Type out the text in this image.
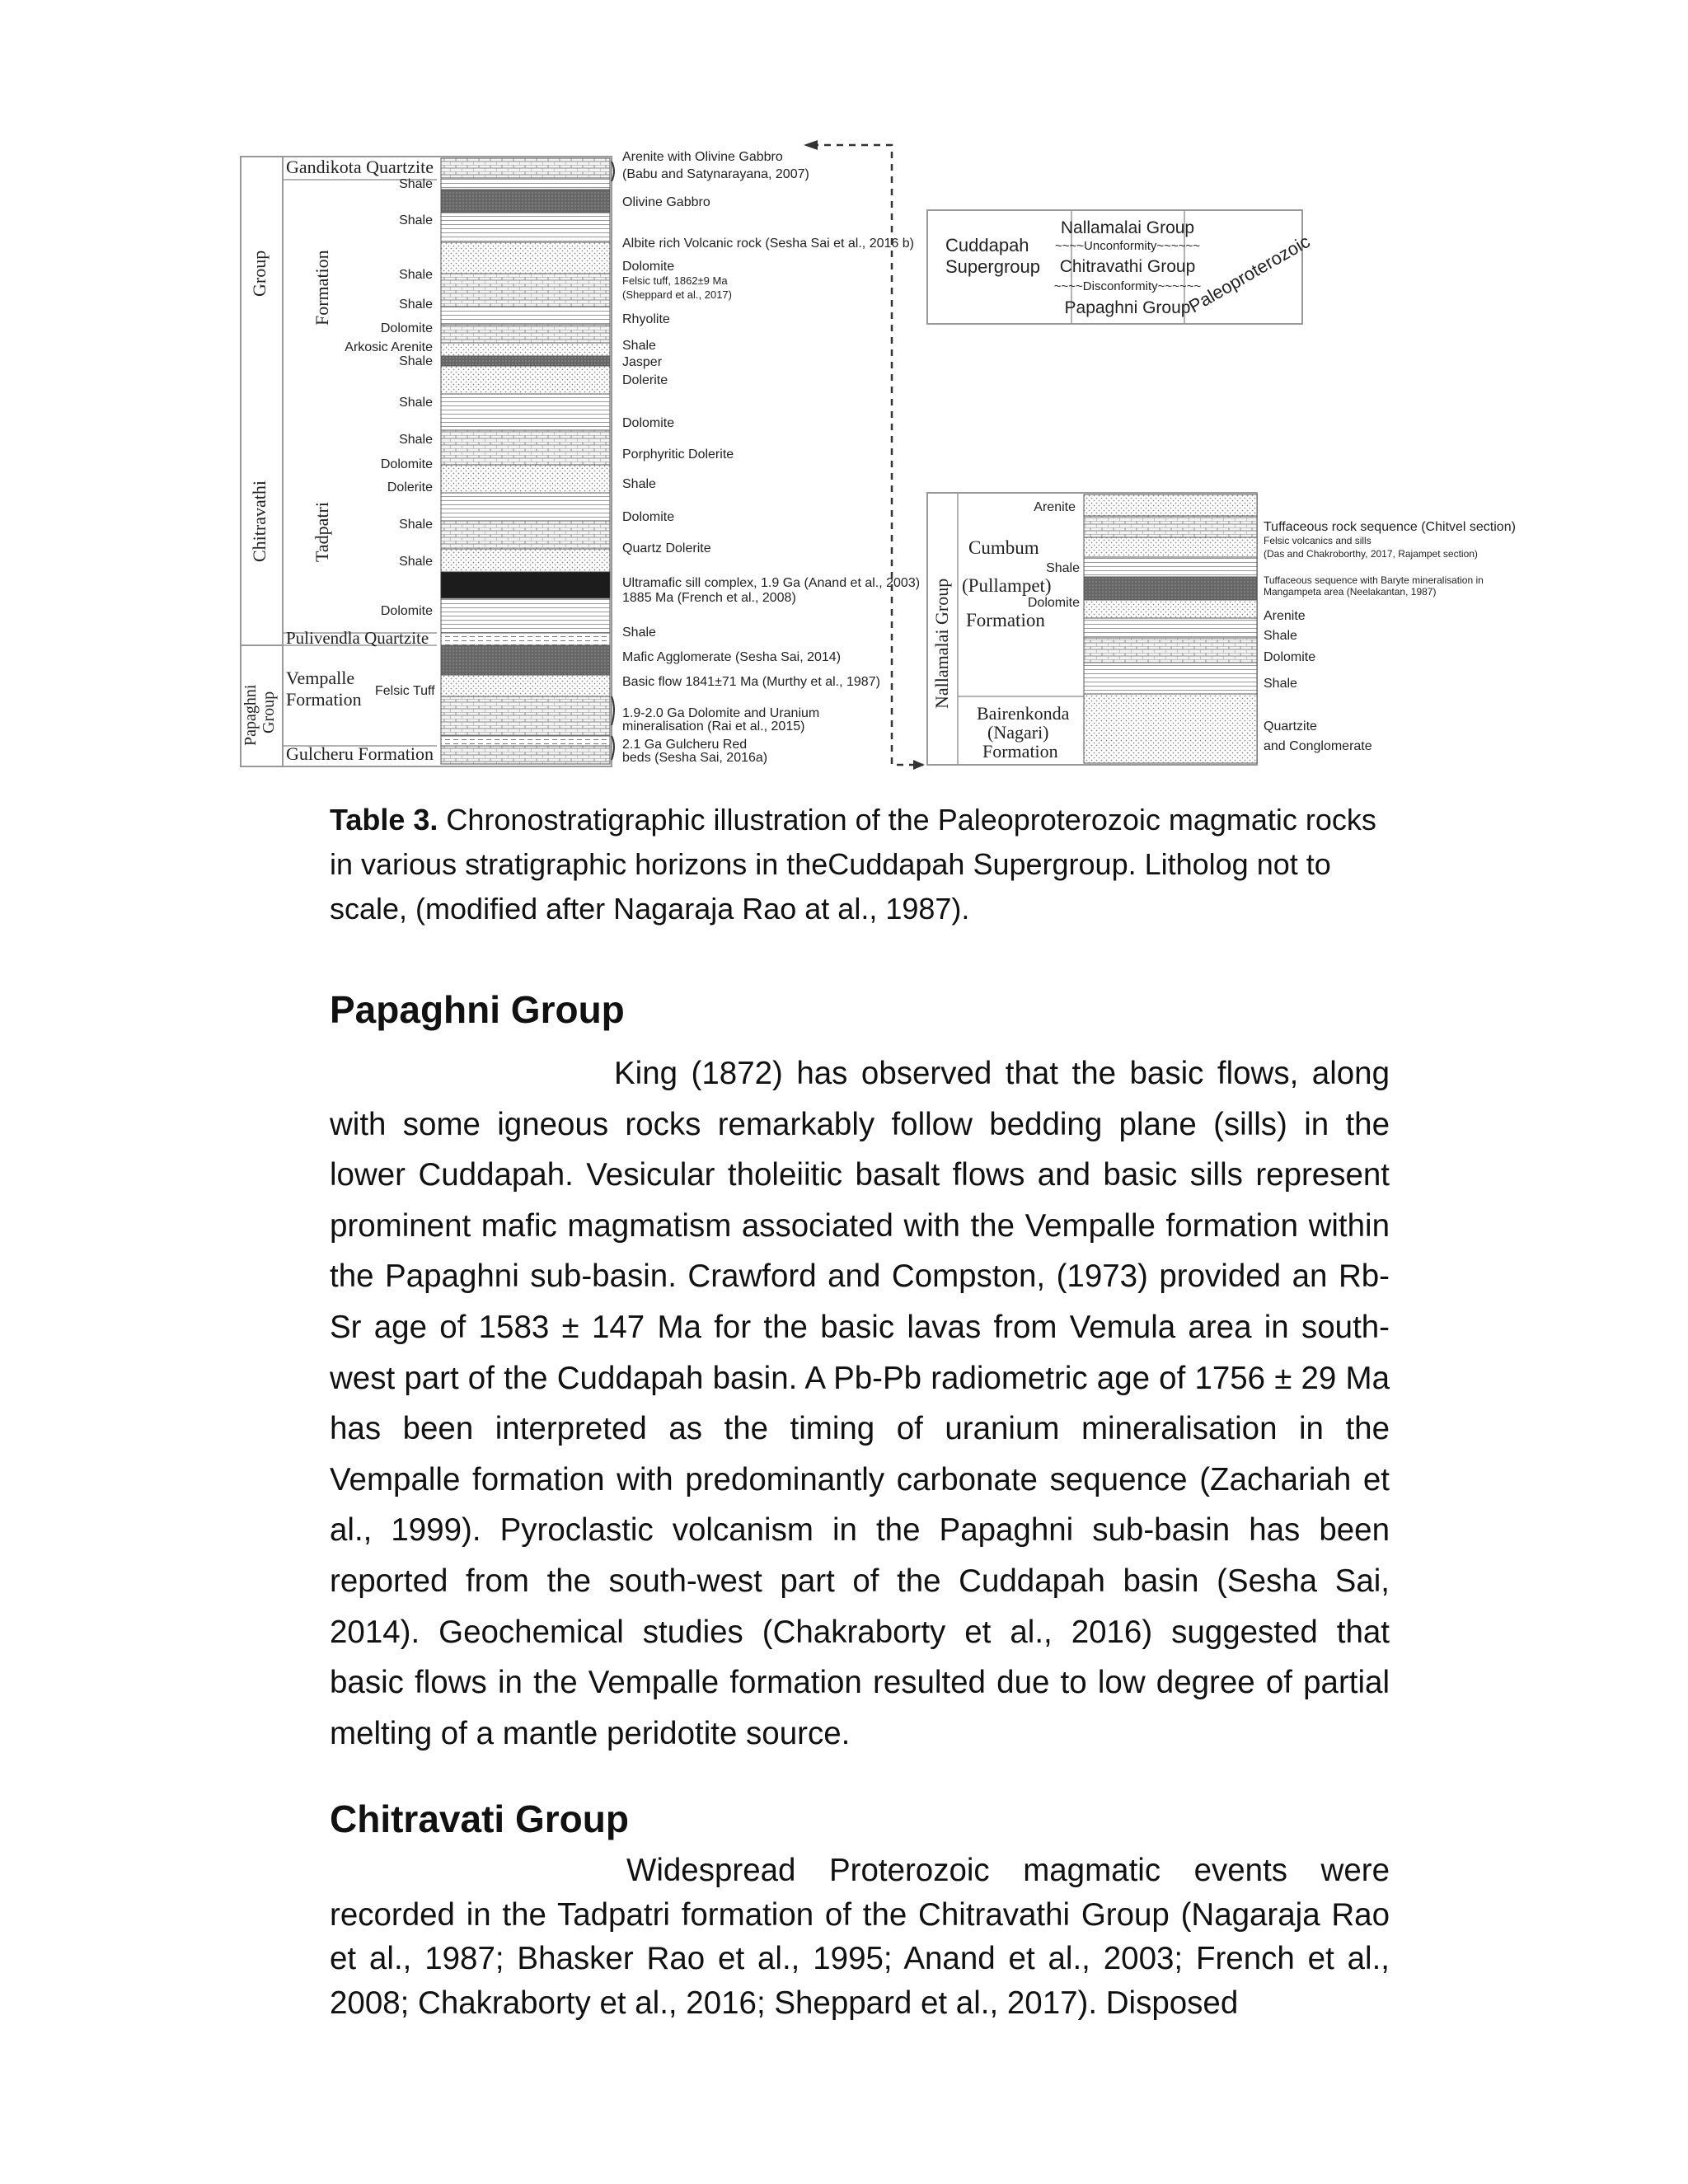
Gandikota Quartzite
Pulivendla Quartzite
Vempalle Formation
Gulcheru Formation
Felsic Tuff
Group
Chitravathi
Formation
Tadpatri
Papaghni Group
Shale
Shale
Shale
Shale
Dolomite
Arkosic Arenite
Shale
Shale
Shale
Dolomite
Dolerite
Shale
Shale
Dolomite
Arenite with Olivine Gabbro
(Babu and Satynarayana, 2007)
Olivine Gabbro
Albite rich Volcanic rock (Sesha Sai et al., 2016 b)
Dolomite
Felsic tuff, 1862±9 Ma
(Sheppard et al., 2017)
Rhyolite
Shale
Jasper
Dolerite
Dolomite
Porphyritic Dolerite
Shale
Dolomite
Quartz Dolerite
Ultramafic sill complex, 1.9 Ga (Anand et al., 2003)
1885 Ma (French et al., 2008)
Shale
Mafic Agglomerate (Sesha Sai, 2014)
Basic flow 1841±71 Ma (Murthy et al., 1987)
1.9-2.0 Ga Dolomite and Uranium
mineralisation (Rai et al., 2015)
2.1 Ga Gulcheru Red
beds (Sesha Sai, 2016a)
Cuddapah Supergroup
Nallamalai Group
~~~~Unconformity~~~~~~
Chitravathi Group
~~~~Disconformity~~~~~~
Papaghni Group
Paleoproterozoic
Nallamalai Group
Cumbum
(Pullampet)
Formation
Bairenkonda
(Nagari)
Formation
Arenite
Shale
Dolomite
Tuffaceous rock sequence (Chitvel section)
Felsic volcanics and sills
(Das and Chakroborthy, 2017, Rajampet section)
Tuffaceous sequence with Baryte mineralisation in
Mangampeta area (Neelakantan, 1987)
Arenite
Shale
Dolomite
Shale
Quartzite
and Conglomerate
Table 3. Chronostratigraphic illustration of the Paleoproterozoic magmatic rocks in various stratigraphic horizons in theCuddapah Supergroup. Litholog not to scale, (modified after Nagaraja Rao at al., 1987).
Papaghni Group

King (1872) has observed that the basic flows, along with some igneous rocks remarkably follow bedding plane (sills) in the lower Cuddapah. Vesicular tholeiitic basalt flows and basic sills represent prominent mafic magmatism associated with the Vempalle formation within the Papaghni sub-basin. Crawford and Compston, (1973) provided an Rb-Sr age of 1583 ± 147 Ma for the basic lavas from Vemula area in south-west part of the Cuddapah basin. A Pb-Pb radiometric age of 1756 ± 29 Ma has been interpreted as the timing of uranium mineralisation in the Vempalle formation with predominantly carbonate sequence (Zachariah et al., 1999). Pyroclastic volcanism in the Papaghni sub-basin has been reported from the south-west part of the Cuddapah basin (Sesha Sai, 2014). Geochemical studies (Chakraborty et al., 2016) suggested that basic flows in the Vempalle formation resulted due to low degree of partial melting of a mantle peridotite source.

Chitravati Group

Widespread Proterozoic magmatic events were recorded in the Tadpatri formation of the Chitravathi Group (Nagaraja Rao et al., 1987; Bhasker Rao et al., 1995; Anand et al., 2003; French et al., 2008; Chakraborty et al., 2016; Sheppard et al., 2017). Disposed
